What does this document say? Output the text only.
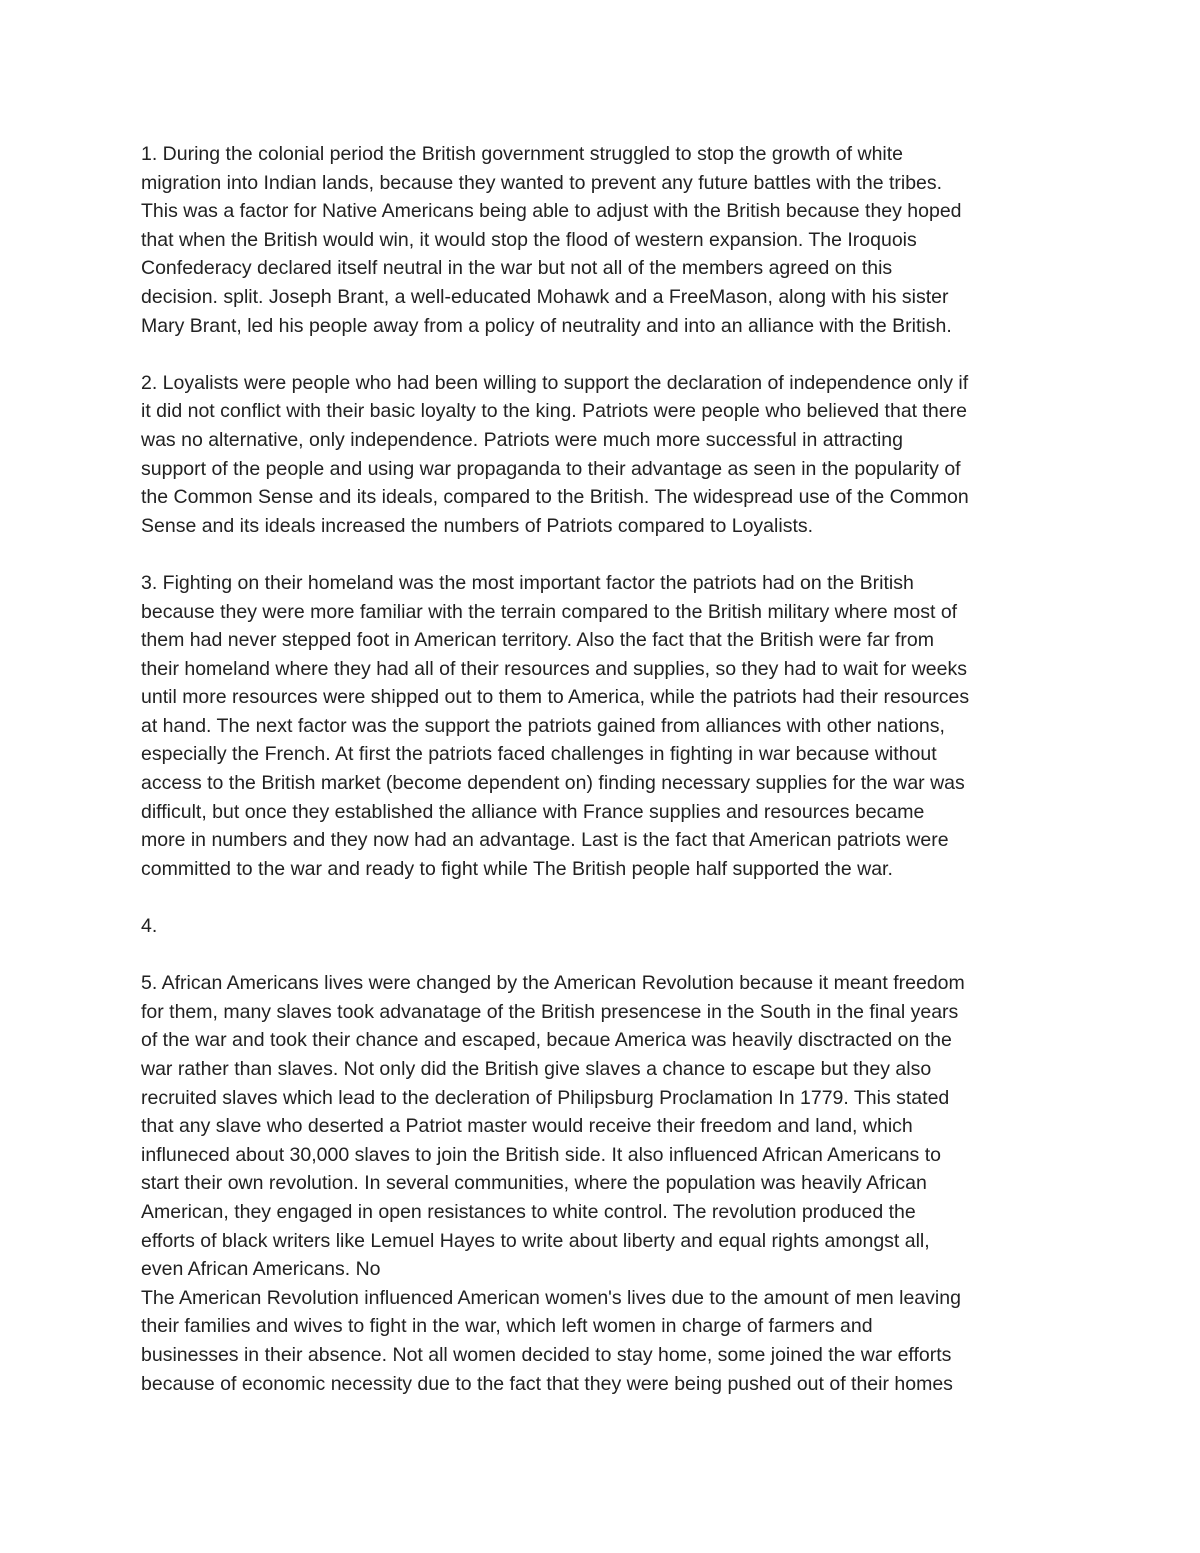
1. During the colonial period the British government struggled to stop the growth of white
migration into Indian lands, because they wanted to prevent any future battles with the tribes.
This was a factor for Native Americans being able to adjust with the British because they hoped
that when the British would win, it would stop the flood of western expansion. The Iroquois
Confederacy declared itself neutral in the war but not all of the members agreed on this
decision. split. Joseph Brant, a well-educated Mohawk and a FreeMason, along with his sister
Mary Brant, led his people away from a policy of neutrality and into an alliance with the British.

2. Loyalists were people who had been willing to support the declaration of independence only if
it did not conflict with their basic loyalty to the king. Patriots were people who believed that there
was no alternative, only independence. Patriots were much more successful in attracting
support of the people and using war propaganda to their advantage as seen in the popularity of
the Common Sense and its ideals, compared to the British. The widespread use of the Common
Sense and its ideals increased the numbers of Patriots compared to Loyalists.

3. Fighting on their homeland was the most important factor the patriots had on the British
because they were more familiar with the terrain compared to the British military where most of
them had never stepped foot in American territory. Also the fact that the British were far from
their homeland where they had all of their resources and supplies, so they had to wait for weeks
until more resources were shipped out to them to America, while the patriots had their resources
at hand. The next factor was the support the patriots gained from alliances with other nations,
especially the French. At first the patriots faced challenges in fighting in war because without
access to the British market (become dependent on) finding necessary supplies for the war was
difficult, but once they established the alliance with France supplies and resources became
more in numbers and they now had an advantage. Last is the fact that American patriots were
committed to the war and ready to fight while The British people half supported the war.

4.

5. African Americans lives were changed by the American Revolution because it meant freedom
for them, many slaves took advanatage of the British presencese in the South in the final years
of the war and took their chance and escaped, becaue America was heavily disctracted on the
war rather than slaves. Not only did the British give slaves a chance to escape but they also
recruited slaves which lead to the decleration of Philipsburg Proclamation In 1779. This stated
that any slave who deserted a Patriot master would receive their freedom and land, which
influneced about 30,000 slaves to join the British side. It also influenced African Americans to
start their own revolution. In several communities, where the population was heavily African
American, they engaged in open resistances to white control. The revolution produced the
efforts of black writers like Lemuel Hayes to write about liberty and equal rights amongst all,
even African Americans. No

The American Revolution influenced American women's lives due to the amount of men leaving
their families and wives to fight in the war, which left women in charge of farmers and
businesses in their absence. Not all women decided to stay home, some joined the war efforts
because of economic necessity due to the fact that they were being pushed out of their homes
